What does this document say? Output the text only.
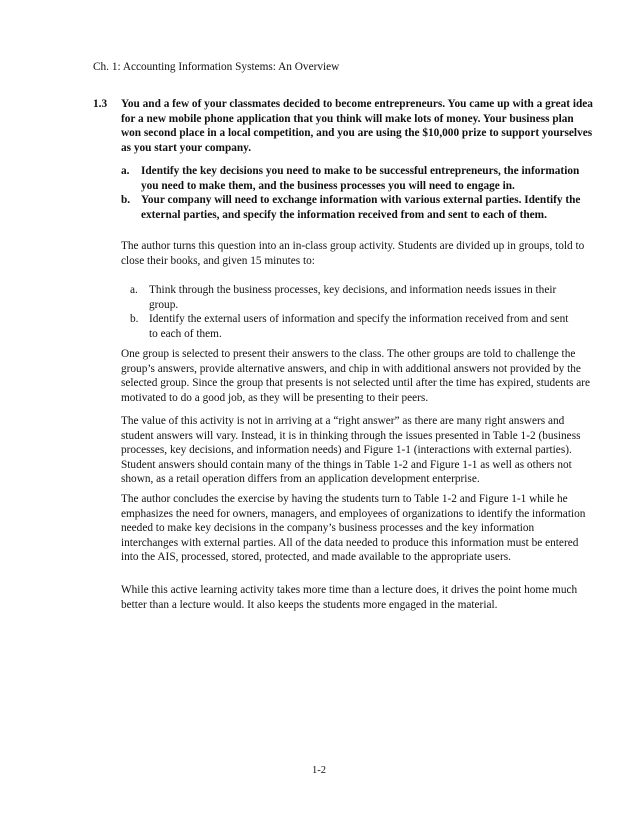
Ch. 1: Accounting Information Systems: An Overview
1.3 You and a few of your classmates decided to become entrepreneurs. You came up with a great idea for a new mobile phone application that you think will make lots of money. Your business plan won second place in a local competition, and you are using the $10,000 prize to support yourselves as you start your company.
a. Identify the key decisions you need to make to be successful entrepreneurs, the information you need to make them, and the business processes you will need to engage in.
b. Your company will need to exchange information with various external parties. Identify the external parties, and specify the information received from and sent to each of them.

The author turns this question into an in-class group activity. Students are divided up in groups, told to close their books, and given 15 minutes to:

a. Think through the business processes, key decisions, and information needs issues in their group.
b. Identify the external users of information and specify the information received from and sent to each of them.

One group is selected to present their answers to the class. The other groups are told to challenge the group’s answers, provide alternative answers, and chip in with additional answers not provided by the selected group. Since the group that presents is not selected until after the time has expired, students are motivated to do a good job, as they will be presenting to their peers.

The value of this activity is not in arriving at a “right answer” as there are many right answers and student answers will vary. Instead, it is in thinking through the issues presented in Table 1-2 (business processes, key decisions, and information needs) and Figure 1-1 (interactions with external parties). Student answers should contain many of the things in Table 1-2 and Figure 1-1 as well as others not shown, as a retail operation differs from an application development enterprise.

The author concludes the exercise by having the students turn to Table 1-2 and Figure 1-1 while he emphasizes the need for owners, managers, and employees of organizations to identify the information needed to make key decisions in the company’s business processes and the key information interchanges with external parties. All of the data needed to produce this information must be entered into the AIS, processed, stored, protected, and made available to the appropriate users.

While this active learning activity takes more time than a lecture does, it drives the point home much better than a lecture would. It also keeps the students more engaged in the material.

1-2
